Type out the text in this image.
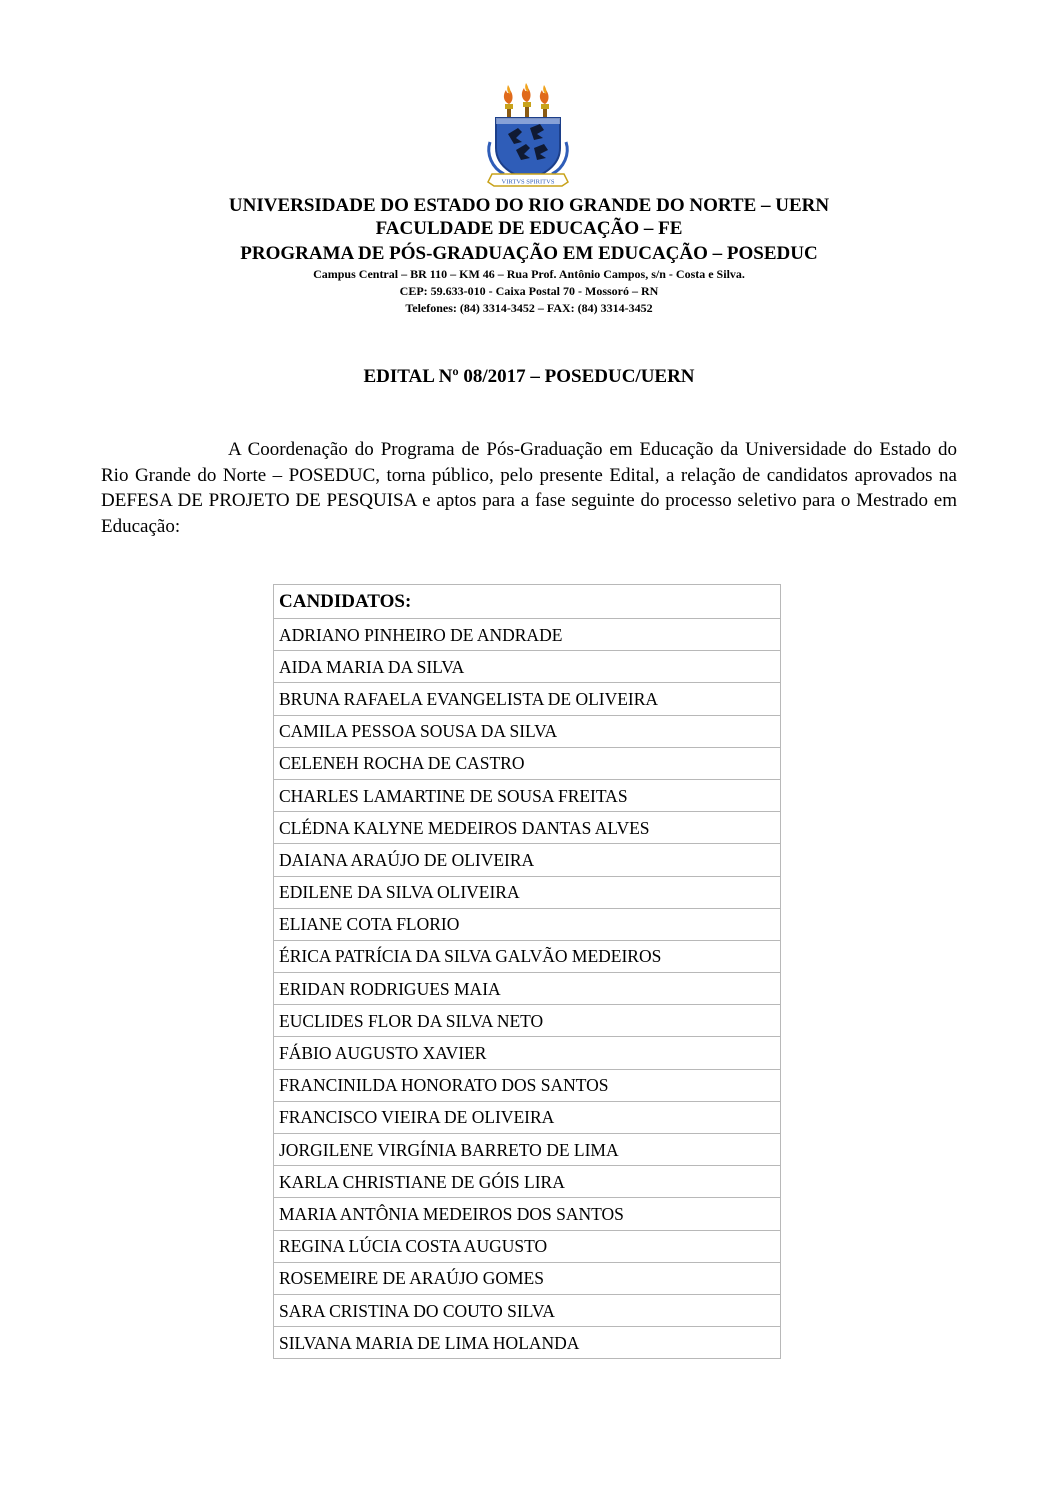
VIRTVS SPIRITVS
UNIVERSIDADE DO ESTADO DO RIO GRANDE DO NORTE – UERN
FACULDADE DE EDUCAÇÃO – FE
PROGRAMA DE PÓS-GRADUAÇÃO EM EDUCAÇÃO – POSEDUC
Campus Central – BR 110 – KM 46 – Rua Prof. Antônio Campos, s/n - Costa e Silva.
CEP: 59.633-010 - Caixa Postal 70 - Mossoró – RN
Telefones: (84) 3314-3452 – FAX: (84) 3314-3452
EDITAL Nº 08/2017 – POSEDUC/UERN
A Coordenação do Programa de Pós-Graduação em Educação da Universidade do Estado do Rio Grande do Norte – POSEDUC, torna público, pelo presente Edital, a relação de candidatos aprovados na DEFESA DE PROJETO DE PESQUISA e aptos para a fase seguinte do processo seletivo para o Mestrado em Educação:
CANDIDATOS:
ADRIANO PINHEIRO DE ANDRADE
AIDA MARIA DA SILVA
BRUNA RAFAELA EVANGELISTA DE OLIVEIRA
CAMILA PESSOA SOUSA DA SILVA
CELENEH ROCHA DE CASTRO
CHARLES LAMARTINE DE SOUSA FREITAS
CLÉDNA KALYNE MEDEIROS DANTAS ALVES
DAIANA ARAÚJO DE OLIVEIRA
EDILENE DA SILVA OLIVEIRA
ELIANE COTA FLORIO
ÉRICA PATRÍCIA DA SILVA GALVÃO MEDEIROS
ERIDAN RODRIGUES MAIA
EUCLIDES FLOR DA SILVA NETO
FÁBIO AUGUSTO XAVIER
FRANCINILDA HONORATO DOS SANTOS
FRANCISCO VIEIRA DE OLIVEIRA
JORGILENE VIRGÍNIA BARRETO DE LIMA
KARLA CHRISTIANE DE GÓIS LIRA
MARIA ANTÔNIA MEDEIROS DOS SANTOS
REGINA LÚCIA COSTA AUGUSTO
ROSEMEIRE DE ARAÚJO GOMES
SARA CRISTINA DO COUTO SILVA
SILVANA MARIA DE LIMA HOLANDA
